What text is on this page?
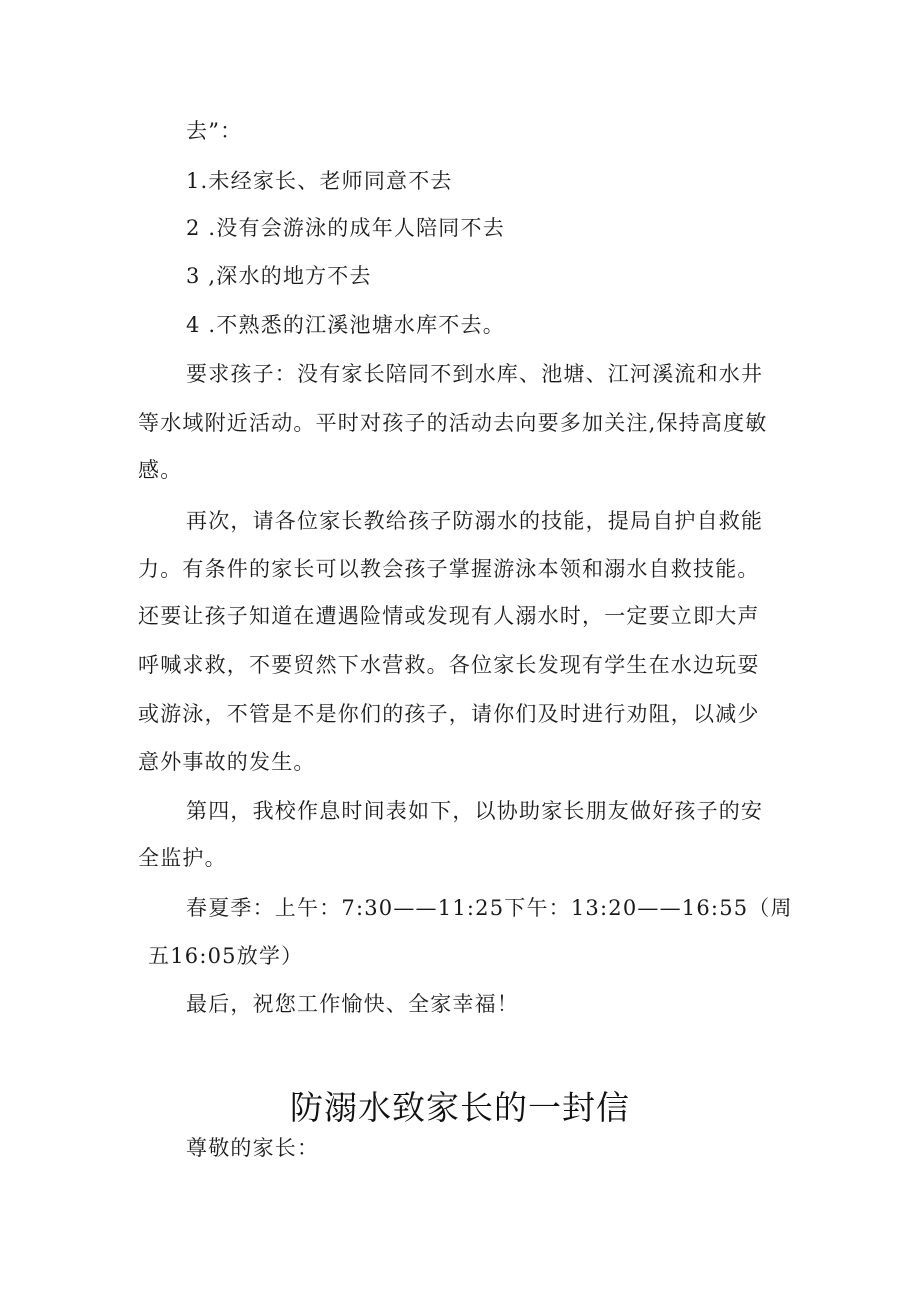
去”：
1.未经家长、老师同意不去
2 .没有会游泳的成年人陪同不去
3 ,深水的地方不去
4 .不熟悉的江溪池塘水库不去。
要求孩子：没有家长陪同不到水库、池塘、江河溪流和水井
等水域附近活动。平时对孩子的活动去向要多加关注,保持高度敏
感。
再次，请各位家长教给孩子防溺水的技能，提局自护自救能
力。有条件的家长可以教会孩子掌握游泳本领和溺水自救技能。
还要让孩子知道在遭遇险情或发现有人溺水时，一定要立即大声
呼喊求救，不要贸然下水营救。各位家长发现有学生在水边玩耍
或游泳，不管是不是你们的孩子，请你们及时进行劝阻，以减少
意外事故的发生。
第四，我校作息时间表如下，以协助家长朋友做好孩子的安
全监护。
春夏季：上午：7:30——11:25下午：13:20——16:55（周
五16:05放学）
最后，祝您工作愉快、全家幸福！
防溺水致家长的一封信
尊敬的家长：
